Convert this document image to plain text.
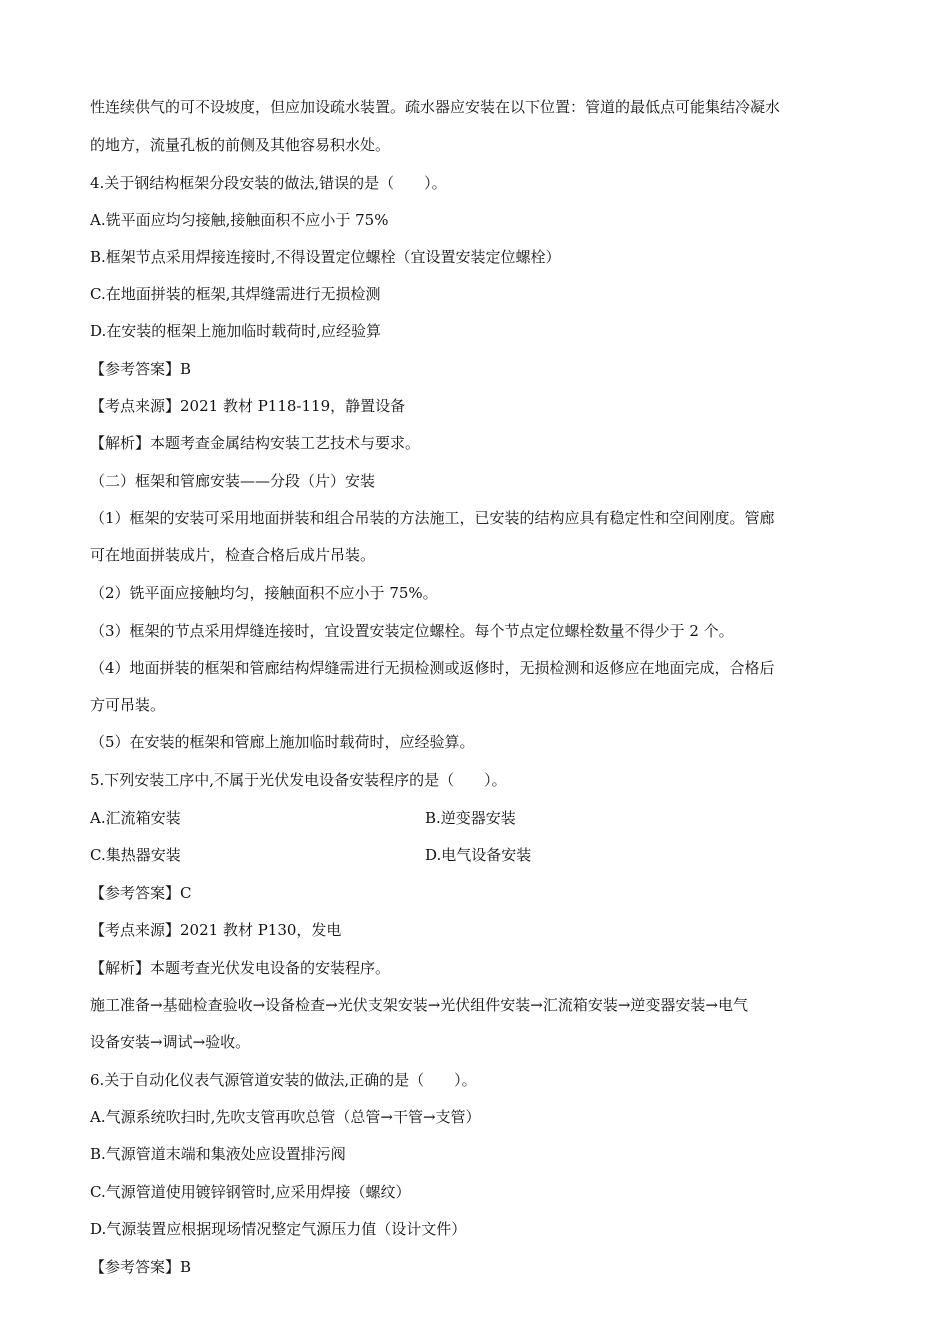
性连续供气的可不设坡度，但应加设疏水装置。疏水器应安装在以下位置：管道的最低点可能集结冷凝水
的地方，流量孔板的前侧及其他容易积水处。
4.关于钢结构框架分段安装的做法,错误的是（　　）。
A.铣平面应均匀接触,接触面积不应小于 75%
B.框架节点采用焊接连接时,不得设置定位螺栓（宜设置安装定位螺栓）
C.在地面拼装的框架,其焊缝需进行无损检测
D.在安装的框架上施加临时载荷时,应经验算
【参考答案】B
【考点来源】2021 教材 P118-119，静置设备
【解析】本题考查金属结构安装工艺技术与要求。
（二）框架和管廊安装——分段（片）安装
（1）框架的安装可采用地面拼装和组合吊装的方法施工，已安装的结构应具有稳定性和空间刚度。管廊
可在地面拼装成片，检查合格后成片吊装。
（2）铣平面应接触均匀，接触面积不应小于 75%。
（3）框架的节点采用焊缝连接时，宜设置安装定位螺栓。每个节点定位螺栓数量不得少于 2 个。
（4）地面拼装的框架和管廊结构焊缝需进行无损检测或返修时，无损检测和返修应在地面完成，合格后
方可吊装。
（5）在安装的框架和管廊上施加临时载荷时，应经验算。
5.下列安装工序中,不属于光伏发电设备安装程序的是（　　）。
A.汇流箱安装	B.逆变器安装
C.集热器安装	D.电气设备安装
【参考答案】C
【考点来源】2021 教材 P130，发电
【解析】本题考查光伏发电设备的安装程序。
施工准备→基础检查验收→设备检查→光伏支架安装→光伏组件安装→汇流箱安装→逆变器安装→电气
设备安装→调试→验收。
6.关于自动化仪表气源管道安装的做法,正确的是（　　）。
A.气源系统吹扫时,先吹支管再吹总管（总管→干管→支管）
B.气源管道末端和集液处应设置排污阀
C.气源管道使用镀锌钢管时,应采用焊接（螺纹）
D.气源装置应根据现场情况整定气源压力值（设计文件）
【参考答案】B
